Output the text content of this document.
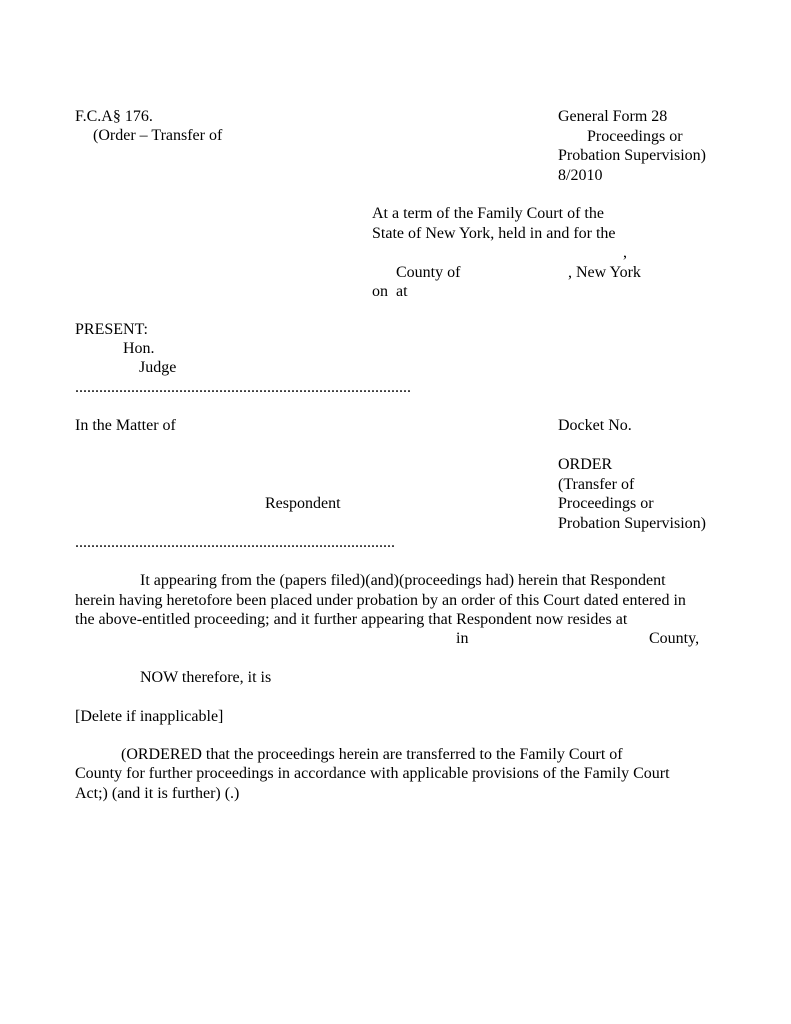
F.C.A§ 176.
(Order – Transfer of
General Form 28
Proceedings or
Probation Supervision)
8/2010
At a term of the Family Court of the
State of New York, held in and for the

County of

,

at

, New York

on
PRESENT:
Hon.
Judge
....................................................................................
In the Matter of	Docket No.
ORDER
(Transfer of
Proceedings or
Probation Supervision)
Respondent
................................................................................
It appearing from the (papers filed)(and)(proceedings had) herein that Respondent
herein having heretofore been placed under probation by an order of this Court dated entered in
the above-entitled proceeding; and it further appearing that Respondent now resides at
in	County,
NOW therefore, it is
[Delete if inapplicable]
(ORDERED that the proceedings herein are transferred to the Family Court of
County for further proceedings in accordance with applicable provisions of the Family Court
Act;) (and it is further) (.)
